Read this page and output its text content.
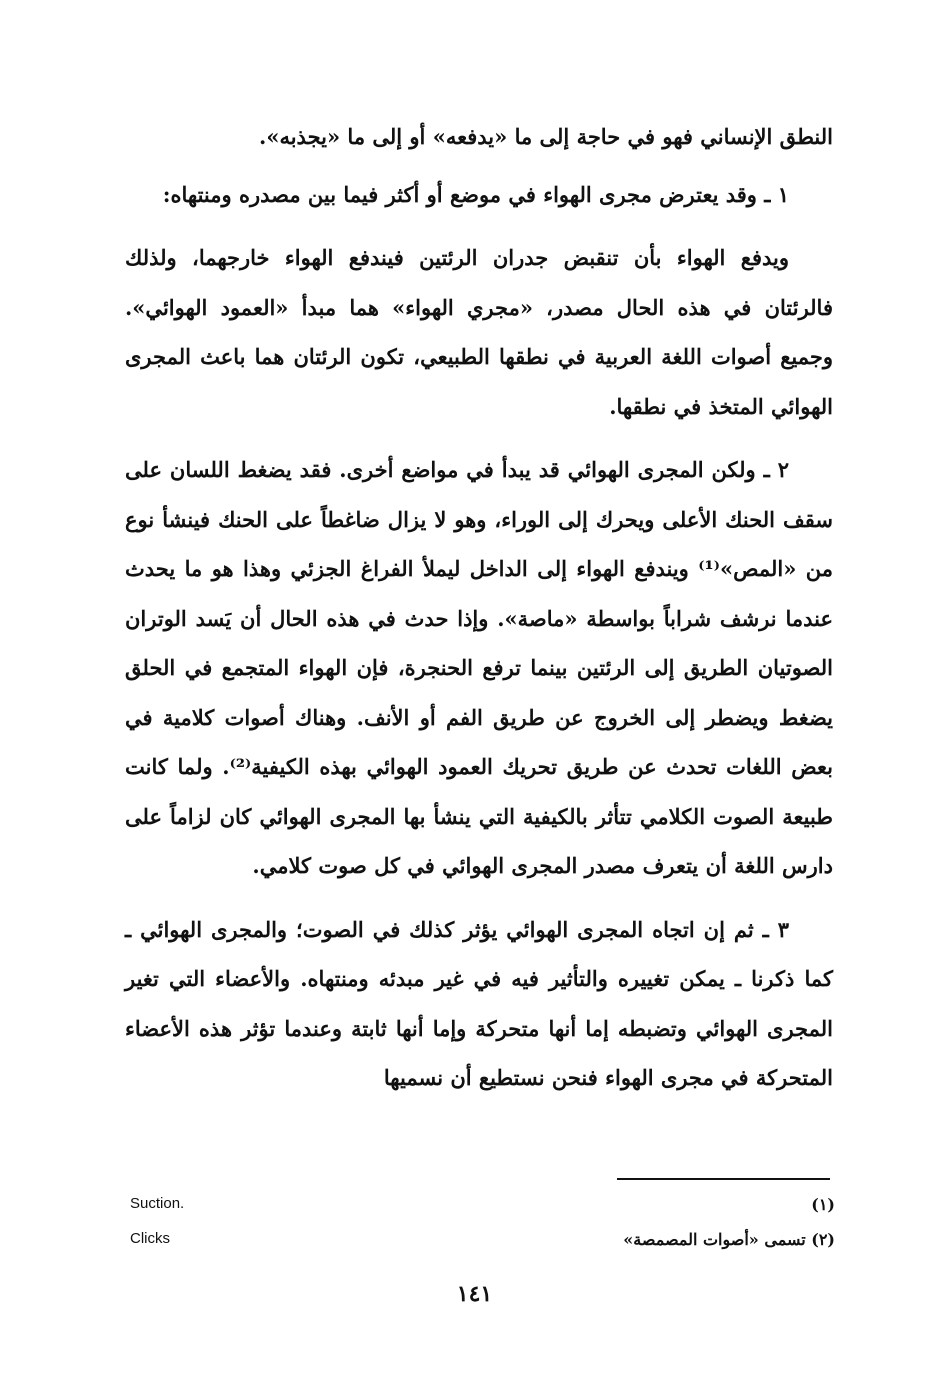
النطق الإنساني فهو في حاجة إلى ما «يدفعه» أو إلى ما «يجذبه».

١ ـ وقد يعترض مجرى الهواء في موضع أو أكثر فيما بين مصدره ومنتهاه:

ويدفع الهواء بأن تنقبض جدران الرئتين فيندفع الهواء خارجهما، ولذلك فالرئتان في هذه الحال مصدر، «مجري الهواء» هما مبدأ «العمود الهوائي». وجميع أصوات اللغة العربية في نطقها الطبيعي، تكون الرئتان هما باعث المجرى الهوائي المتخذ في نطقها.

٢ ـ ولكن المجرى الهوائي قد يبدأ في مواضع أخرى. فقد يضغط اللسان على سقف الحنك الأعلى ويحرك إلى الوراء، وهو لا يزال ضاغطاً على الحنك فينشأ نوع من «المص»⁽¹⁾ ويندفع الهواء إلى الداخل ليملأ الفراغ الجزئي وهذا هو ما يحدث عندما نرشف شراباً بواسطة «ماصة». وإذا حدث في هذه الحال أن يَسد الوتران الصوتيان الطريق إلى الرئتين بينما ترفع الحنجرة، فإن الهواء المتجمع في الحلق يضغط ويضطر إلى الخروج عن طريق الفم أو الأنف. وهناك أصوات كلامية في بعض اللغات تحدث عن طريق تحريك العمود الهوائي بهذه الكيفية⁽²⁾. ولما كانت طبيعة الصوت الكلامي تتأثر بالكيفية التي ينشأ بها المجرى الهوائي كان لزاماً على دارس اللغة أن يتعرف مصدر المجرى الهوائي في كل صوت كلامي.

٣ ـ ثم إن اتجاه المجرى الهوائي يؤثر كذلك في الصوت؛ والمجرى الهوائي ـ كما ذكرنا ـ يمكن تغييره والتأثير فيه في غير مبدئه ومنتهاه. والأعضاء التي تغير المجرى الهوائي وتضبطه إما أنها متحركة وإما أنها ثابتة وعندما تؤثر هذه الأعضاء المتحركة في مجرى الهواء فنحن نستطيع أن نسميها

Suction.	(١)
Clicks	(٢) تسمى «أصوات المصمصة»
١٤١
